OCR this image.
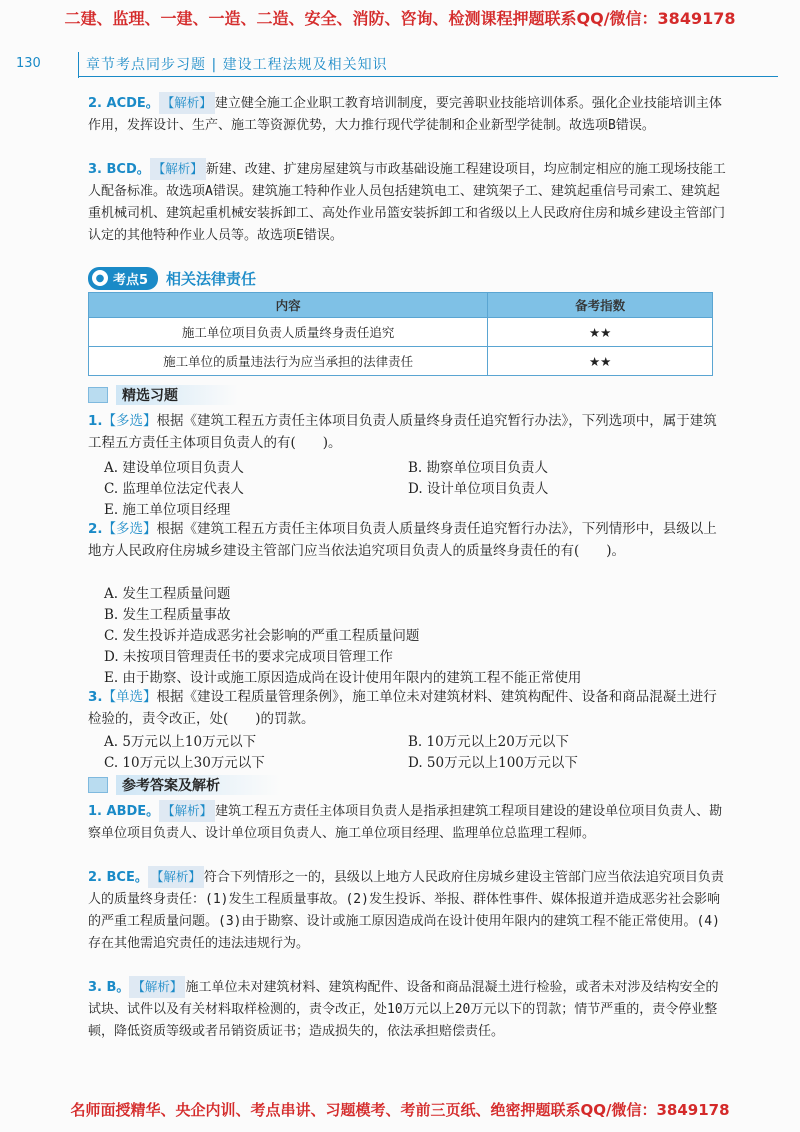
二建、监理、一建、一造、二造、安全、消防、咨询、检测课程押题联系QQ/微信：3849178
130	章节考点同步习题 | 建设工程法规及相关知识
2. ACDE。 【解析】 建立健全施工企业职工教育培训制度，要完善职业技能培训体系。强化企业技能培训主体作用，发挥设计、生产、施工等资源优势，大力推行现代学徒制和企业新型学徒制。故选项B错误。
3. BCD。 【解析】 新建、改建、扩建房屋建筑与市政基础设施工程建设项目，均应制定相应的施工现场技能工人配备标准。故选项A错误。建筑施工特种作业人员包括建筑电工、建筑架子工、建筑起重信号司索工、建筑起重机械司机、建筑起重机械安装拆卸工、高处作业吊篮安装拆卸工和省级以上人民政府住房和城乡建设主管部门认定的其他特种作业人员等。故选项E错误。
● 考点5 相关法律责任
内容	备考指数
施工单位项目负责人质量终身责任追究	★★
施工单位的质量违法行为应当承担的法律责任	★★
精选习题
1.【多选】根据《建筑工程五方责任主体项目负责人质量终身责任追究暂行办法》，下列选项中，属于建筑工程五方责任主体项目负责人的有(　　)。
A. 建设单位项目负责人	B. 勘察单位项目负责人
C. 监理单位法定代表人	D. 设计单位项目负责人
E. 施工单位项目经理
2.【多选】根据《建筑工程五方责任主体项目负责人质量终身责任追究暂行办法》，下列情形中，县级以上地方人民政府住房城乡建设主管部门应当依法追究项目负责人的质量终身责任的有(　　)。
A. 发生工程质量问题
B. 发生工程质量事故
C. 发生投诉并造成恶劣社会影响的严重工程质量问题
D. 未按项目管理责任书的要求完成项目管理工作
E. 由于勘察、设计或施工原因造成尚在设计使用年限内的建筑工程不能正常使用
3.【单选】根据《建设工程质量管理条例》，施工单位未对建筑材料、建筑构配件、设备和商品混凝土进行检验的，责令改正，处(　　)的罚款。
A. 5万元以上10万元以下	B. 10万元以上20万元以下
C. 10万元以上30万元以下	D. 50万元以上100万元以下
参考答案及解析
1. ABDE。 【解析】 建筑工程五方责任主体项目负责人是指承担建筑工程项目建设的建设单位项目负责人、勘察单位项目负责人、设计单位项目负责人、施工单位项目经理、监理单位总监理工程师。
2. BCE。 【解析】 符合下列情形之一的，县级以上地方人民政府住房城乡建设主管部门应当依法追究项目负责人的质量终身责任：(1)发生工程质量事故。(2)发生投诉、举报、群体性事件、媒体报道并造成恶劣社会影响的严重工程质量问题。(3)由于勘察、设计或施工原因造成尚在设计使用年限内的建筑工程不能正常使用。(4)存在其他需追究责任的违法违规行为。
3. B。 【解析】 施工单位未对建筑材料、建筑构配件、设备和商品混凝土进行检验，或者未对涉及结构安全的试块、试件以及有关材料取样检测的，责令改正，处10万元以上20万元以下的罚款；情节严重的，责令停业整顿，降低资质等级或者吊销资质证书；造成损失的，依法承担赔偿责任。
名师面授精华、央企内训、考点串讲、习题模考、考前三页纸、绝密押题联系QQ/微信：3849178
